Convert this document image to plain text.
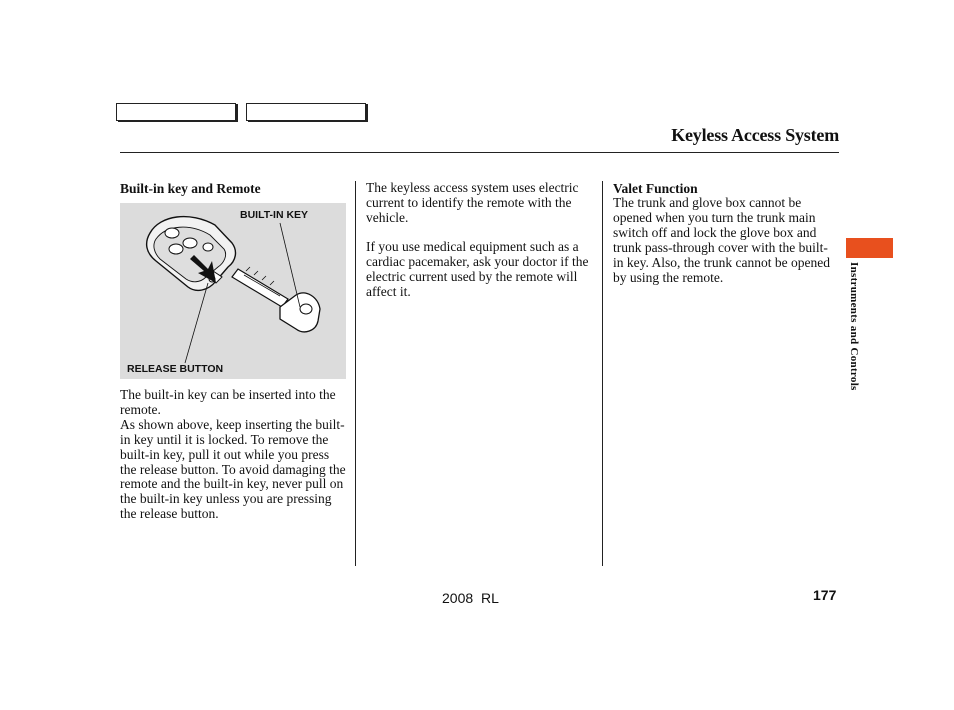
Keyless Access System
Built-in key and Remote
BUILT-IN KEY
RELEASE BUTTON
The built-in key can be inserted into the remote.
As shown above, keep inserting the built-in key until it is locked. To remove the built-in key, pull it out while you press the release button. To avoid damaging the remote and the built-in key, never pull on the built-in key unless you are pressing the release button.
The keyless access system uses electric current to identify the remote with the vehicle.
If you use medical equipment such as a cardiac pacemaker, ask your doctor if the electric current used by the remote will affect it.
Valet Function
The trunk and glove box cannot be opened when you turn the trunk main switch off and lock the glove box and trunk pass-through cover with the built-in key. Also, the trunk cannot be opened by using the remote.	Instruments and Controls
2008 RL	177
